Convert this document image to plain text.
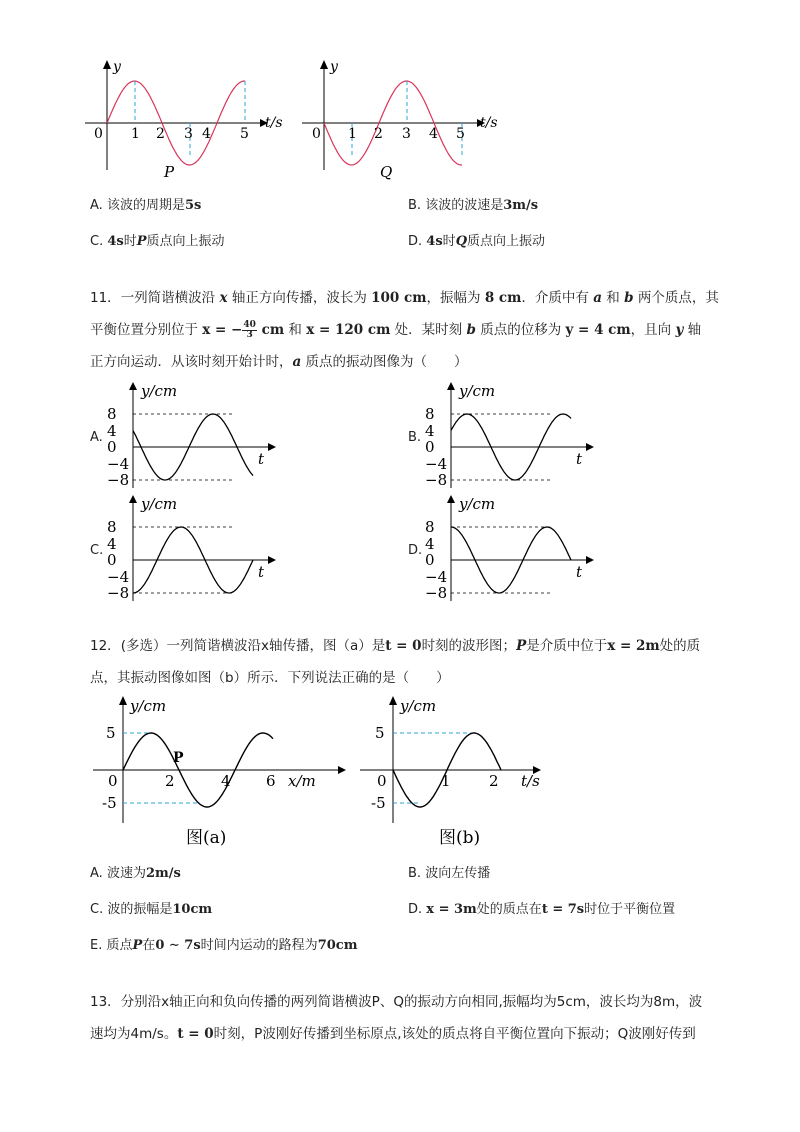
y
t/s
0 1 2 3 4 5
P
y
t/s
0 1 2 3 4 5
Q
A. 该波的周期是5s	B. 该波的波速是3m/s
C. 4s时P质点向上振动	D. 4s时Q质点向上振动
11．一列简谐横波沿 x 轴正方向传播，波长为 100 cm，振幅为 8 cm．介质中有 a 和 b 两个质点，其
平衡位置分别位于 x = − $\frac{40}{3}$ cm 和 x = 120 cm 处．某时刻 b 质点的位移为 y = 4 cm，且向 y 轴
正方向运动．从该时刻开始计时，a 质点的振动图像为（　　）
A.	B.
C.	D.
8
4
0
−4
−8
y/cm
t
8
4
0
−4
−8
y/cm
t
8
4
0
−4
−8
y/cm
t
8
4
0
−4
−8
y/cm
t
12．(多选）一列简谐横波沿x轴传播，图（a）是t = 0时刻的波形图；P是介质中位于x = 2m处的质
点，其振动图像如图（b）所示．下列说法正确的是（　　）
y/cm
x/m
5
-5
0	2	4 6
P
图(a)
y/cm
t/s
5
-5
0	1	2
图(b)
A. 波速为2m/s	B. 波向左传播
C. 波的振幅是10cm	D. x = 3m处的质点在t = 7s时位于平衡位置
E. 质点P在0 ∼ 7s时间内运动的路程为70cm
13．分别沿x轴正向和负向传播的两列简谐横波P、Q的振动方向相同,振幅均为5cm，波长均为8m，波
速均为4m/s。t = 0时刻，P波刚好传播到坐标原点,该处的质点将自平衡位置向下振动；Q波刚好传到
